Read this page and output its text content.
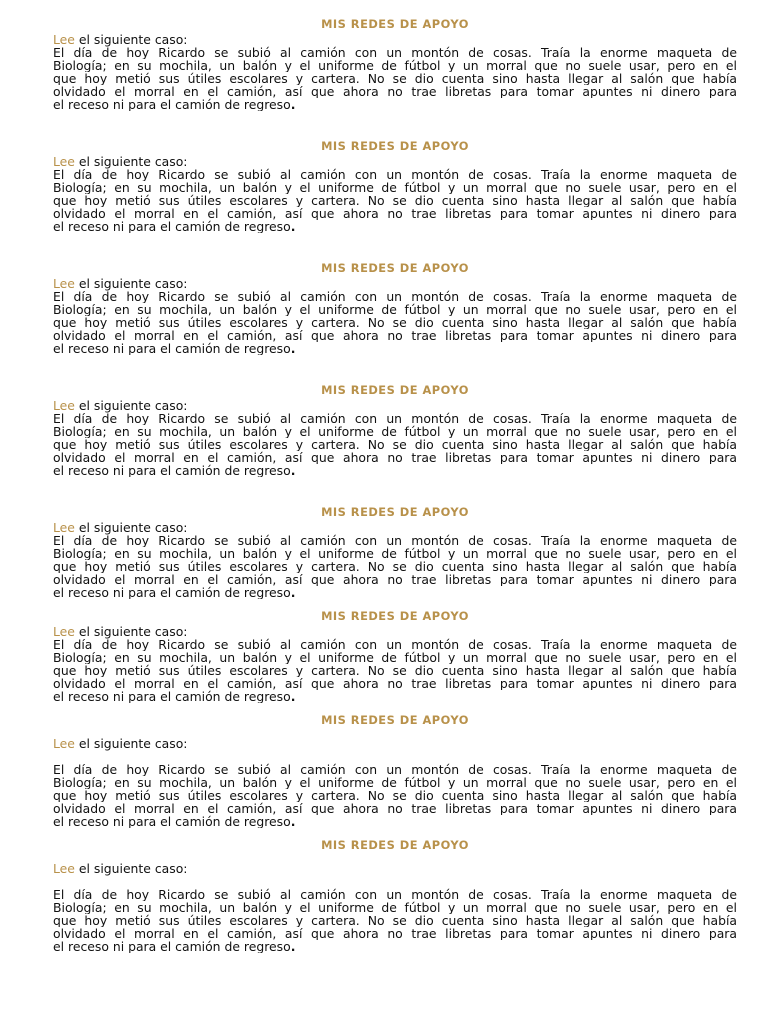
MIS REDES DE APOYO
Lee el siguiente caso:
El día de hoy Ricardo se subió al camión con un montón de cosas. Traía la enorme maqueta de
Biología; en su mochila, un balón y el uniforme de fútbol y un morral que no suele usar, pero en el
que hoy metió sus útiles escolares y cartera. No se dio cuenta sino hasta llegar al salón que había
olvidado el morral en el camión, así que ahora no trae libretas para tomar apuntes ni dinero para
el receso ni para el camión de regreso.
MIS REDES DE APOYO
Lee el siguiente caso:
El día de hoy Ricardo se subió al camión con un montón de cosas. Traía la enorme maqueta de
Biología; en su mochila, un balón y el uniforme de fútbol y un morral que no suele usar, pero en el
que hoy metió sus útiles escolares y cartera. No se dio cuenta sino hasta llegar al salón que había
olvidado el morral en el camión, así que ahora no trae libretas para tomar apuntes ni dinero para
el receso ni para el camión de regreso.
MIS REDES DE APOYO
Lee el siguiente caso:
El día de hoy Ricardo se subió al camión con un montón de cosas. Traía la enorme maqueta de
Biología; en su mochila, un balón y el uniforme de fútbol y un morral que no suele usar, pero en el
que hoy metió sus útiles escolares y cartera. No se dio cuenta sino hasta llegar al salón que había
olvidado el morral en el camión, así que ahora no trae libretas para tomar apuntes ni dinero para
el receso ni para el camión de regreso.
MIS REDES DE APOYO
Lee el siguiente caso:
El día de hoy Ricardo se subió al camión con un montón de cosas. Traía la enorme maqueta de
Biología; en su mochila, un balón y el uniforme de fútbol y un morral que no suele usar, pero en el
que hoy metió sus útiles escolares y cartera. No se dio cuenta sino hasta llegar al salón que había
olvidado el morral en el camión, así que ahora no trae libretas para tomar apuntes ni dinero para
el receso ni para el camión de regreso.
MIS REDES DE APOYO
Lee el siguiente caso:
El día de hoy Ricardo se subió al camión con un montón de cosas. Traía la enorme maqueta de
Biología; en su mochila, un balón y el uniforme de fútbol y un morral que no suele usar, pero en el
que hoy metió sus útiles escolares y cartera. No se dio cuenta sino hasta llegar al salón que había
olvidado el morral en el camión, así que ahora no trae libretas para tomar apuntes ni dinero para
el receso ni para el camión de regreso.
MIS REDES DE APOYO
Lee el siguiente caso:
El día de hoy Ricardo se subió al camión con un montón de cosas. Traía la enorme maqueta de
Biología; en su mochila, un balón y el uniforme de fútbol y un morral que no suele usar, pero en el
que hoy metió sus útiles escolares y cartera. No se dio cuenta sino hasta llegar al salón que había
olvidado el morral en el camión, así que ahora no trae libretas para tomar apuntes ni dinero para
el receso ni para el camión de regreso.
MIS REDES DE APOYO
Lee el siguiente caso:
El día de hoy Ricardo se subió al camión con un montón de cosas. Traía la enorme maqueta de
Biología; en su mochila, un balón y el uniforme de fútbol y un morral que no suele usar, pero en el
que hoy metió sus útiles escolares y cartera. No se dio cuenta sino hasta llegar al salón que había
olvidado el morral en el camión, así que ahora no trae libretas para tomar apuntes ni dinero para
el receso ni para el camión de regreso.
MIS REDES DE APOYO
Lee el siguiente caso:
El día de hoy Ricardo se subió al camión con un montón de cosas. Traía la enorme maqueta de
Biología; en su mochila, un balón y el uniforme de fútbol y un morral que no suele usar, pero en el
que hoy metió sus útiles escolares y cartera. No se dio cuenta sino hasta llegar al salón que había
olvidado el morral en el camión, así que ahora no trae libretas para tomar apuntes ni dinero para
el receso ni para el camión de regreso.
